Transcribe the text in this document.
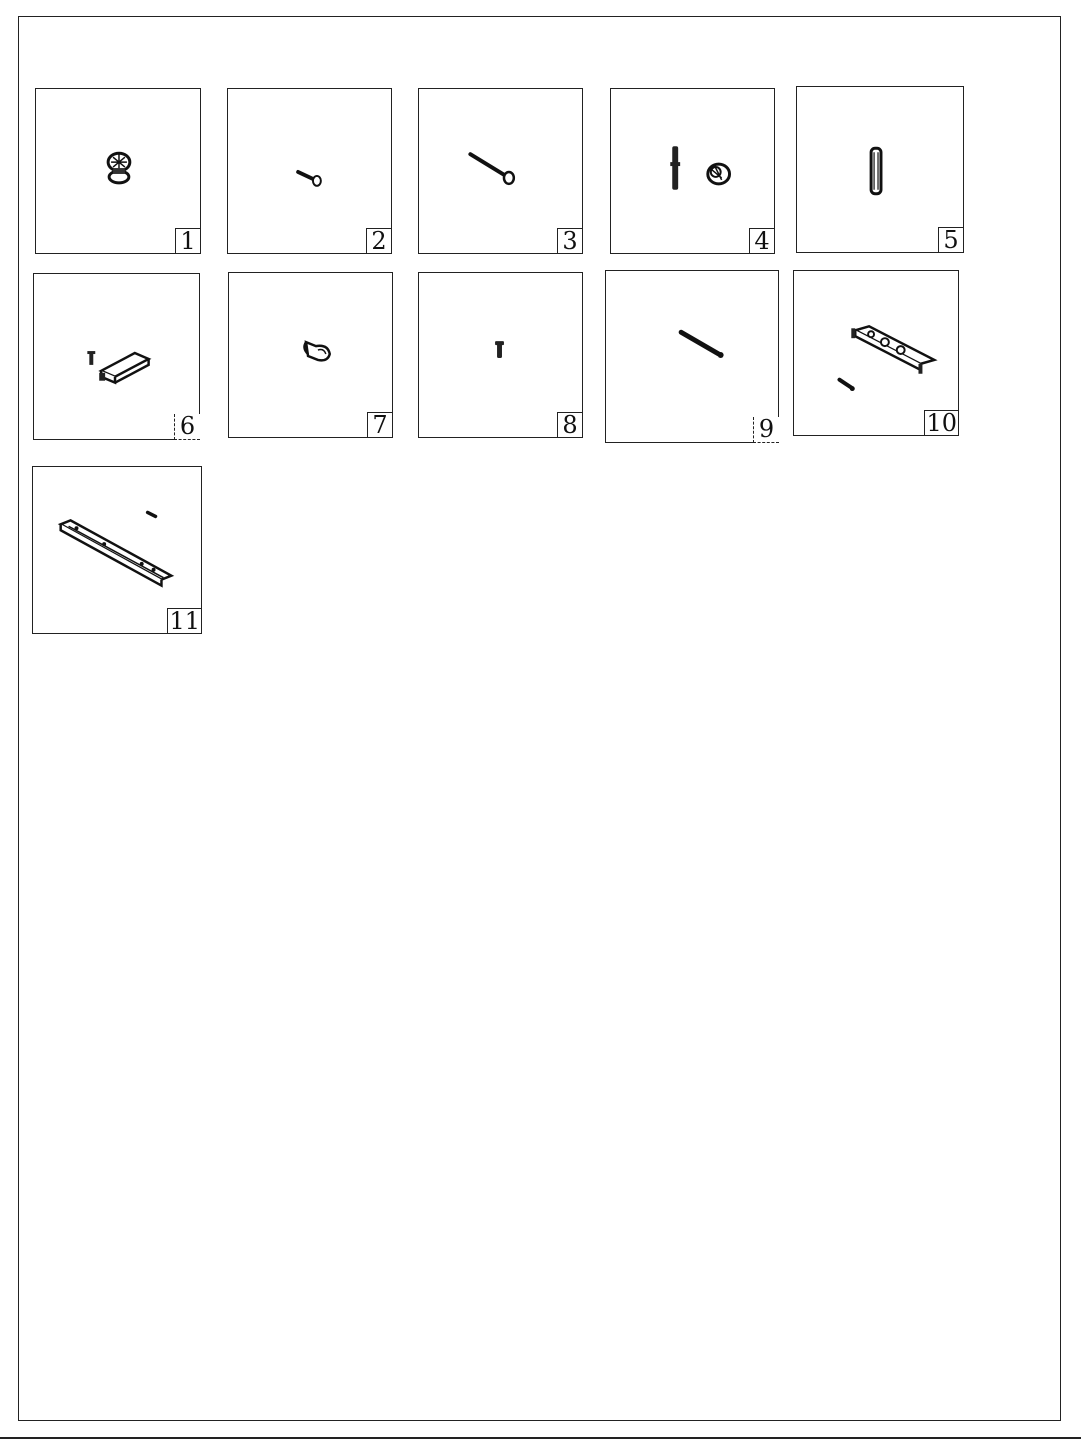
1	2	3	4	5
6	7	8	9	10
11
